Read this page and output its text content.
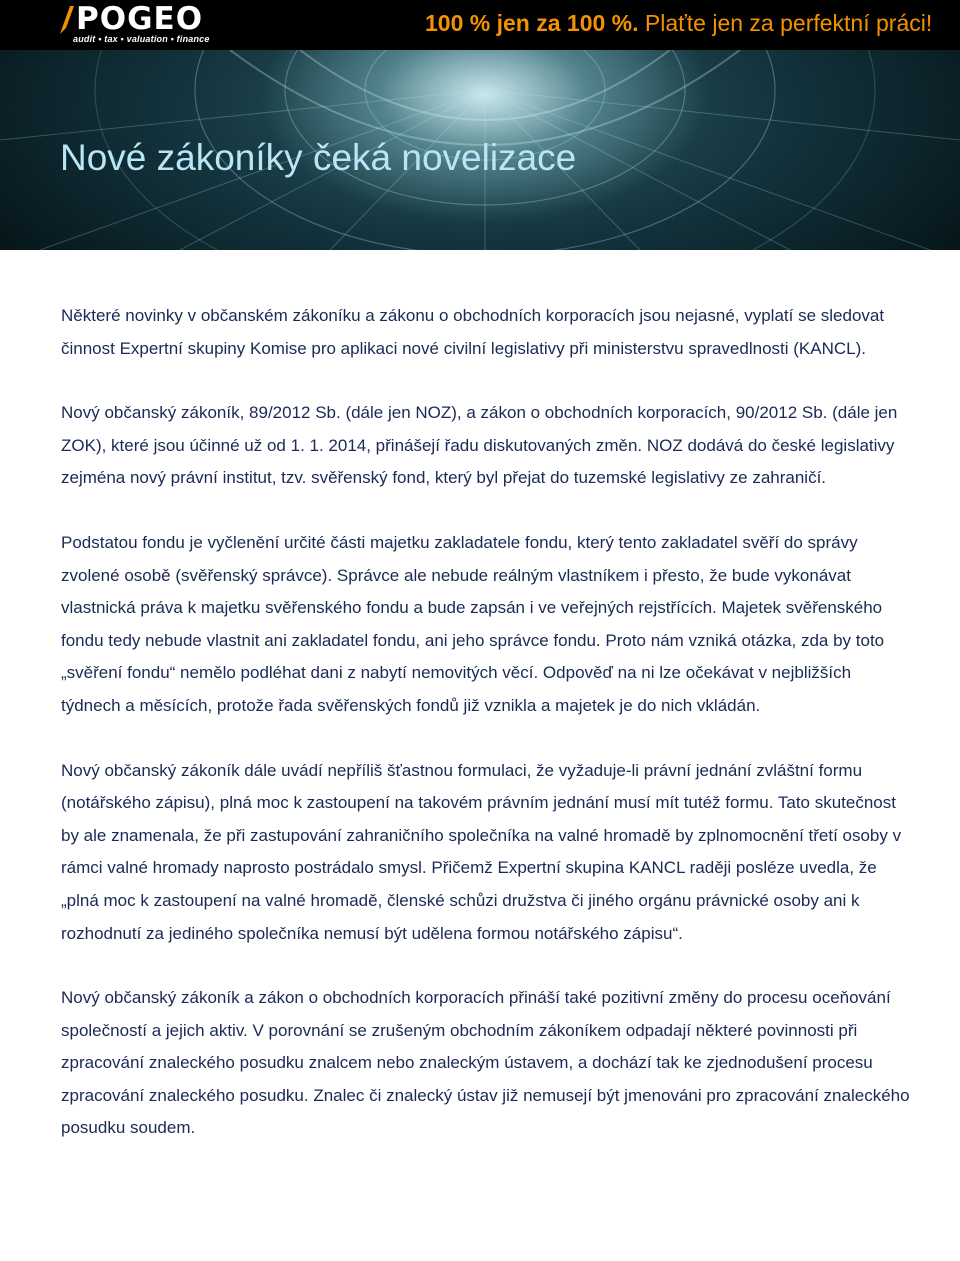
POGEO
audit • tax • valuation • finance
100 % jen za 100 %. Plaťte jen za perfektní práci!
Nové zákoníky čeká novelizace

Některé novinky v občanském zákoníku a zákonu o obchodních korporacích jsou nejasné, vyplatí se sledovat činnost Expertní skupiny Komise pro aplikaci nové civilní legislativy při ministerstvu spravedlnosti (KANCL).

Nový občanský zákoník, 89/2012 Sb. (dále jen NOZ), a zákon o obchodních korporacích, 90/2012 Sb. (dále jen ZOK), které jsou účinné už od 1. 1. 2014, přinášejí řadu diskutovaných změn. NOZ dodává do české legislativy zejména nový právní institut, tzv. svěřenský fond, který byl přejat do tuzemské legislativy ze zahraničí.

Podstatou fondu je vyčlenění určité části majetku zakladatele fondu, který tento zakladatel svěří do správy zvolené osobě (svěřenský správce). Správce ale nebude reálným vlastníkem i přesto, že bude vykonávat vlastnická práva k majetku svěřenského fondu a bude zapsán i ve veřejných rejstřících. Majetek svěřenského fondu tedy nebude vlastnit ani zakladatel fondu, ani jeho správce fondu. Proto nám vzniká otázka, zda by toto „svěření fondu“ nemělo podléhat dani z nabytí nemovitých věcí. Odpověď na ni lze očekávat v nejbližších týdnech a měsících, protože řada svěřenských fondů již vznikla a majetek je do nich vkládán.

Nový občanský zákoník dále uvádí nepříliš šťastnou formulaci, že vyžaduje-li právní jednání zvláštní formu (notářského zápisu), plná moc k zastoupení na takovém právním jednání musí mít tutéž formu. Tato skutečnost by ale znamenala, že při zastupování zahraničního společníka na valné hromadě by zplnomocnění třetí osoby v rámci valné hromady naprosto postrádalo smysl. Přičemž Expertní skupina KANCL raději posléze uvedla, že „plná moc k zastoupení na valné hromadě, členské schůzi družstva či jiného orgánu právnické osoby ani k rozhodnutí za jediného společníka nemusí být udělena formou notářského zápisu“.

Nový občanský zákoník a zákon o obchodních korporacích přináší také pozitivní změny do procesu oceňování společností a jejich aktiv. V porovnání se zrušeným obchodním zákoníkem odpadají některé povinnosti při zpracování znaleckého posudku znalcem nebo znaleckým ústavem, a dochází tak ke zjednodušení procesu zpracování znaleckého posudku. Znalec či znalecký ústav již nemusejí být jmenováni pro zpracování znaleckého posudku soudem.
